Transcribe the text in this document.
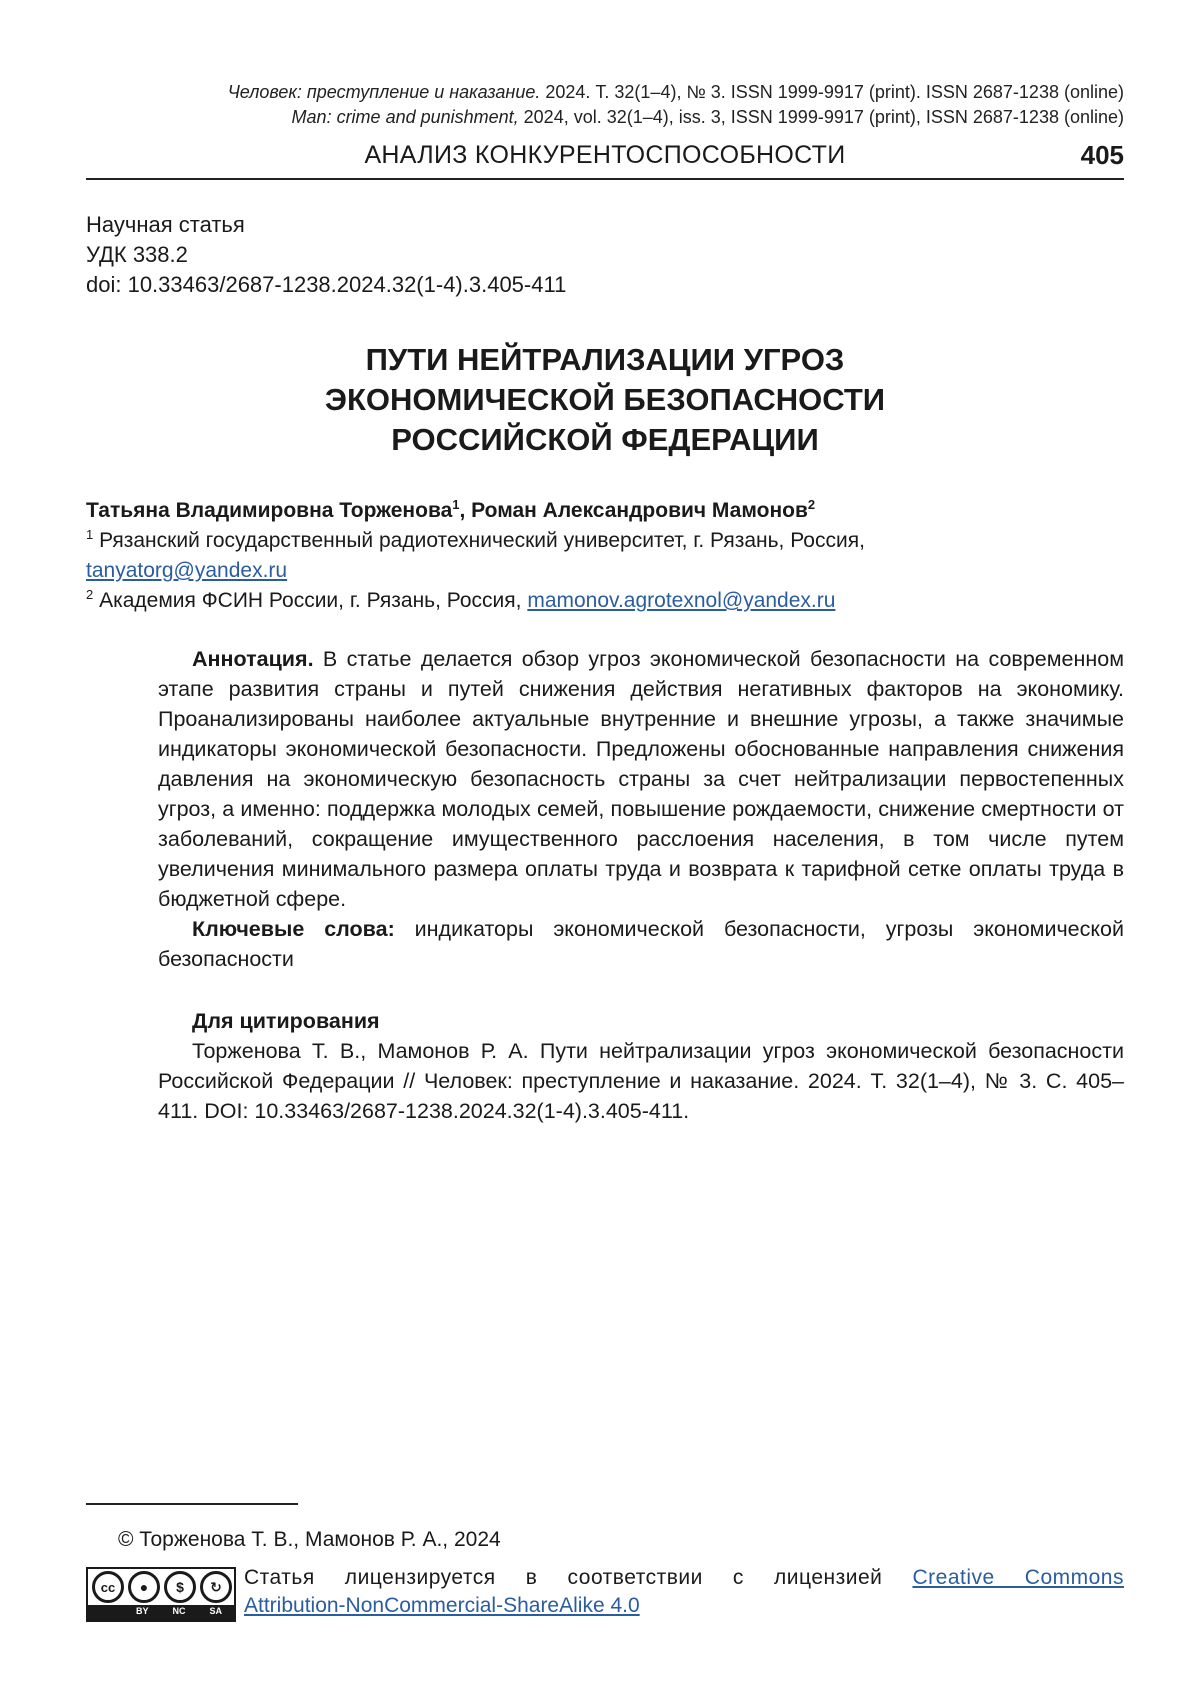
Человек: преступление и наказание. 2024. Т. 32(1–4), № 3. ISSN 1999-9917 (print). ISSN 2687-1238 (online)
Man: crime and punishment, 2024, vol. 32(1–4), iss. 3, ISSN 1999-9917 (print), ISSN 2687-1238 (online)
АНАЛИЗ КОНКУРЕНТОСПОСОБНОСТИ	405
Научная статья
УДК 338.2
doi: 10.33463/2687-1238.2024.32(1-4).3.405-411
ПУТИ НЕЙТРАЛИЗАЦИИ УГРОЗ
ЭКОНОМИЧЕСКОЙ БЕЗОПАСНОСТИ
РОССИЙСКОЙ ФЕДЕРАЦИИ
Татьяна Владимировна Торженова$^1$, Роман Александрович Мамонов$^2$
$^1$ Рязанский государственный радиотехнический университет, г. Рязань, Россия,
tanyatorg@yandex.ru
$^2$ Академия ФСИН России, г. Рязань, Россия, mamonov.agrotexnol@yandex.ru

Аннотация. В статье делается обзор угроз экономической безопасности на современном этапе развития страны и путей снижения действия негативных факторов на экономику. Проанализированы наиболее актуальные внутренние и внешние угрозы, а также значимые индикаторы экономической безопасности. Предложены обоснованные направления снижения давления на экономическую безопасность страны за счет нейтрализации первостепенных угроз, а именно: поддержка молодых семей, повышение рождаемости, снижение смертности от заболеваний, сокращение имущественного расслоения населения, в том числе путем увеличения минимального размера оплаты труда и возврата к тарифной сетке оплаты труда в бюджетной сфере.

Ключевые слова: индикаторы экономической безопасности, угрозы экономической безопасности

Для цитирования

Торженова Т. В., Мамонов Р. А. Пути нейтрализации угроз экономической безопасности Российской Федерации // Человек: преступление и наказание. 2024. Т. 32(1–4), № 3. С. 405–411. DOI: 10.33463/2687-1238.2024.32(1-4).3.405-411.

© Торженова Т. В., Мамонов Р. А., 2024
cc	●	$	↻
BY	NC	SA
Статья лицензируется в соответствии с лицензией Creative Commons
Attribution-NonCommercial-ShareAlike 4.0
